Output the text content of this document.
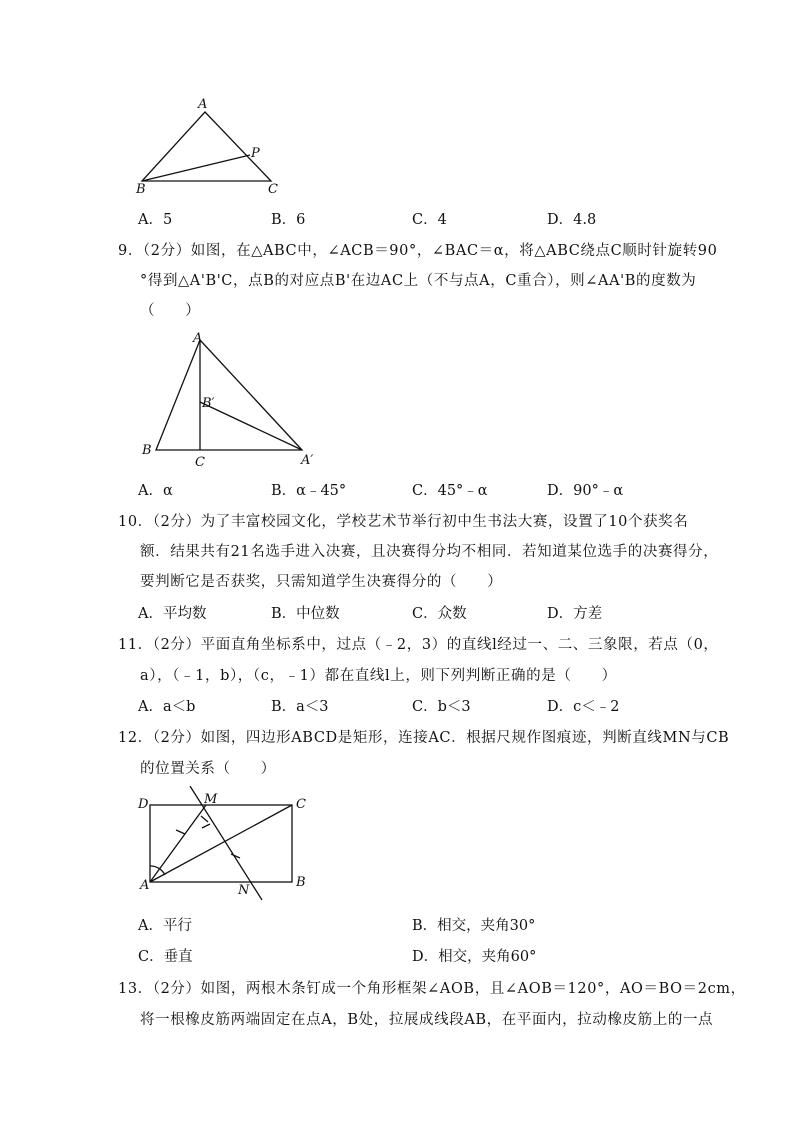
A
P
B	C
A．5	B．6	C．4	D．4.8
9．（2分）如图，在△ABC中，∠ACB＝90°，∠BAC＝α，将△ABC绕点C顺时针旋转90
°得到△A'B'C，点B的对应点B'在边AC上（不与点A，C重合），则∠AA'B的度数为
（　　）
A
B′
B
C	A′
A．α	B．α﹣45°	C．45°﹣α	D．90°﹣α
10．（2分）为了丰富校园文化，学校艺术节举行初中生书法大赛，设置了10个获奖名
额．结果共有21名选手进入决赛，且决赛得分均不相同．若知道某位选手的决赛得分，
要判断它是否获奖，只需知道学生决赛得分的（　　）
A．平均数	B．中位数	C．众数	D．方差
11．（2分）平面直角坐标系中，过点（﹣2，3）的直线l经过一、二、三象限，若点（0，
a），（﹣1，b），（c，﹣1）都在直线l上，则下列判断正确的是（　　）
A．a＜b	B．a＜3	C．b＜3	D．c＜﹣2
12．（2分）如图，四边形ABCD是矩形，连接AC．根据尺规作图痕迹，判断直线MN与CB
的位置关系（　　）
D	M	C
A	N
B
A．平行	B．相交，夹角30°
C．垂直	D．相交，夹角60°
13．（2分）如图，两根木条钉成一个角形框架∠AOB，且∠AOB＝120°，AO＝BO＝2cm，
将一根橡皮筋两端固定在点A，B处，拉展成线段AB，在平面内，拉动橡皮筋上的一点
